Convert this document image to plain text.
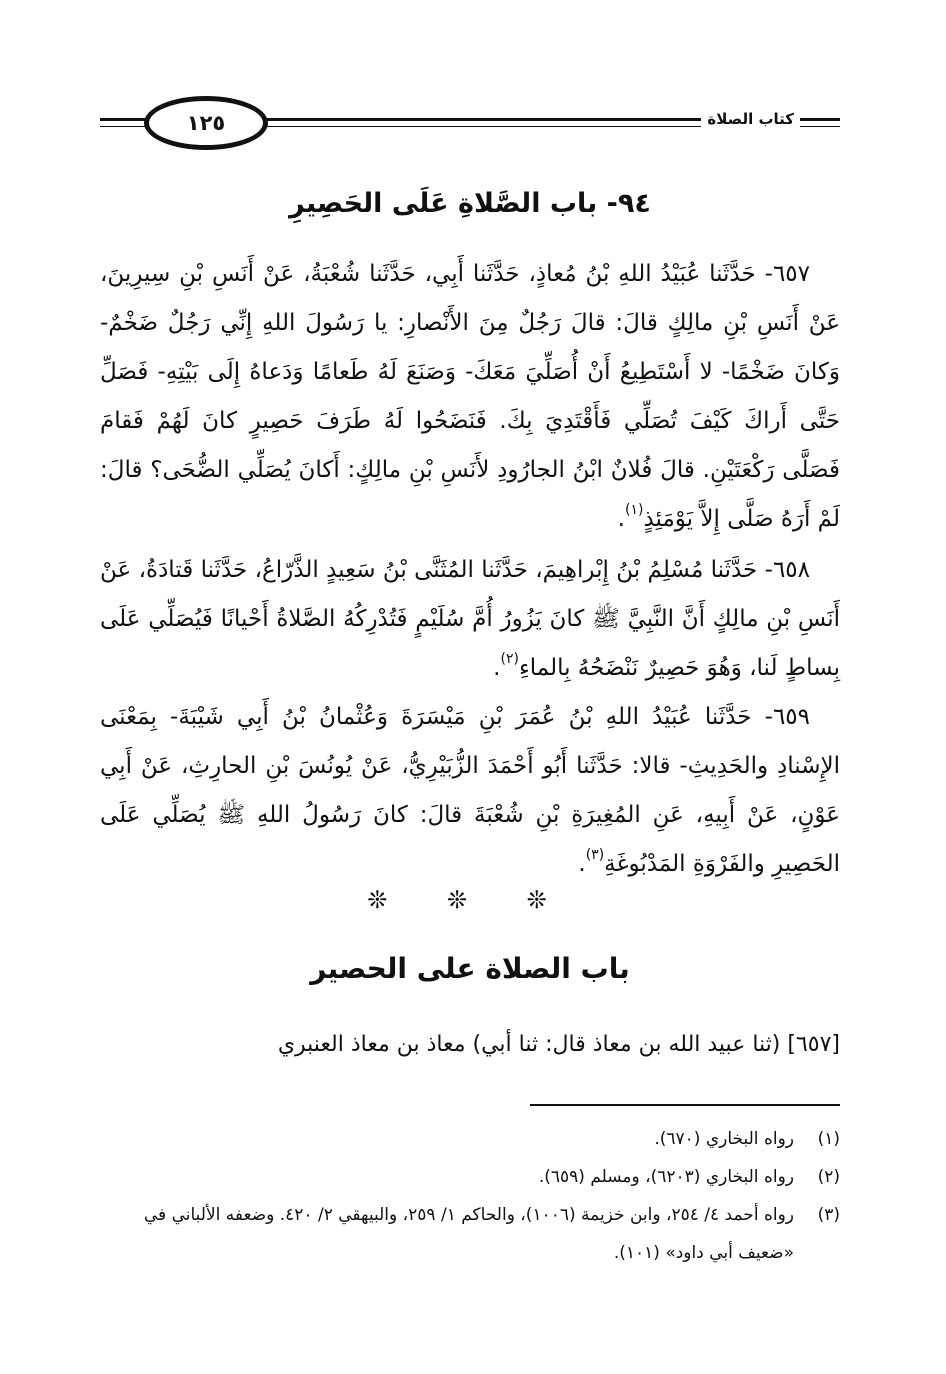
١٢٥	كتاب الصلاة
٩٤- باب الصَّلاةِ عَلَى الحَصِيرِ

٦٥٧- حَدَّثَنا عُبَيْدُ اللهِ بْنُ مُعاذٍ، حَدَّثَنا أَبِي، حَدَّثَنا شُعْبَةُ، عَنْ أَنَسِ بْنِ سِيرِينَ، عَنْ أَنَسِ بْنِ مالِكٍ قالَ: قالَ رَجُلٌ مِنَ الأَنْصارِ: يا رَسُولَ اللهِ إِنِّي رَجُلٌ ضَخْمٌ- وَكانَ ضَخْمًا- لا أَسْتَطِيعُ أَنْ أُصَلِّيَ مَعَكَ- وَصَنَعَ لَهُ طَعامًا وَدَعاهُ إِلَى بَيْتِهِ- فَصَلِّ حَتَّى أَراكَ كَيْفَ تُصَلِّي فَأَقْتَدِيَ بِكَ. فَنَضَحُوا لَهُ طَرَفَ حَصِيرٍ كانَ لَهُمْ فَقامَ فَصَلَّى رَكْعَتَيْنِ. قالَ فُلانٌ ابْنُ الجارُودِ لأَنَسِ بْنِ مالِكٍ: أَكانَ يُصَلِّي الضُّحَى؟ قالَ: لَمْ أَرَهُ صَلَّى إِلاَّ يَوْمَئِذٍ$^{(١)}$.

٦٥٨- حَدَّثَنا مُسْلِمُ بْنُ إِبْراهِيمَ، حَدَّثَنا المُثَنَّى بْنُ سَعِيدٍ الذَّرّاعُ، حَدَّثَنا قَتادَةُ، عَنْ أَنَسِ بْنِ مالِكٍ أَنَّ النَّبِيَّ ﷺ كانَ يَزُورُ أُمَّ سُلَيْمٍ فَتُدْرِكُهُ الصَّلاةُ أَحْيانًا فَيُصَلِّي عَلَى بِساطٍ لَنا، وَهُوَ حَصِيرٌ نَنْضَحُهُ بِالماءِ$^{(٢)}$.

٦٥٩- حَدَّثَنا عُبَيْدُ اللهِ بْنُ عُمَرَ بْنِ مَيْسَرَةَ وَعُثْمانُ بْنُ أَبِي شَيْبَةَ- بِمَعْنَى الإِسْنادِ والحَدِيثِ- قالا: حَدَّثَنا أَبُو أَحْمَدَ الزُّبَيْرِيُّ، عَنْ يُونُسَ بْنِ الحارِثِ، عَنْ أَبِي عَوْنٍ، عَنْ أَبِيهِ، عَنِ المُغِيرَةِ بْنِ شُعْبَةَ قالَ: كانَ رَسُولُ اللهِ ﷺ يُصَلِّي عَلَى الحَصِيرِ والفَرْوَةِ المَدْبُوغَةِ$^{(٣)}$.

❊ ❊ ❊
باب الصلاة على الحصير
[٦٥٧] (ثنا عبيد الله بن معاذ قال: ثنا أبي) معاذ بن معاذ العنبري
(١)
رواه البخاري (٦٧٠).
(٢)
رواه البخاري (٦٢٠٣)، ومسلم (٦٥٩).
(٣)
رواه أحمد ٤/ ٢٥٤، وابن خزيمة (١٠٠٦)، والحاكم ١/ ٢٥٩، والبيهقي ٢/ ٤٢٠. وضعفه الألباني في «ضعيف أبي داود» (١٠١).
